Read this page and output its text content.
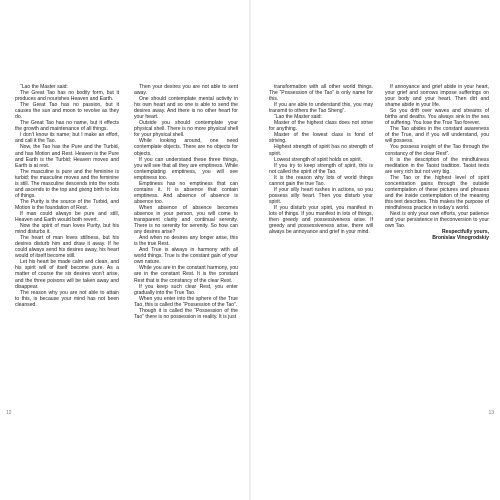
“Lao the Master said:

The Great Tao has no bodily form, but it produces and nourishes Heaven and Earth.

The Great Tao has no passion, but it causes the sun and moon to revolve as they do.

The Great Tao has no name, but it effects the growth and maintenance of all things.

I don’t know its name; but I make an effort, and call it the Tao.

Now, the Tao has the Pure and the Turbid, and has Motion and Rest. Heaven is the Pure and Earth is the Turbid; Heaven moves and Earth is at rest.

The masculine is pure and the feminine is turbid; the masculine moves and the feminine is still. The masculine descends into the roots and ascends to the top and giving birth to lots of things.

The Purity is the source of the Turbid, and Motion is the foundation of Rest.

If man could always be pure and still, Heaven and Earth would both revert.

Now the spirit of man loves Purity, but his mind disturbs it.

The heart of man loves stillness, but his desires disturb him and draw it away. If he could always send his desires away, his heart would of itself become still.

Let his heart be made calm and clean, and his spirit will of itself become pure. As a matter of course the six desires won’t arise, and the three poisons will be taken away and disappear.

The reason why you are not able to attain to this, is because your mind has not been cleansed.

Then your desires you are not able to sent away.

One should contemplate mental activity in his own heart and so one is able to send the desires away. And there is no other heart for your heart.

Outside you should contemplate your physical shell. There is no more physical shell for your physical shell.

While looking around, one need contemplate objects. There are no objects for objects.

If you can understand these three things, you will see that all they are emptiness. While contemplating emptiness, you will see emptiness too.

Emptiness has no emptiness that can contains it. It is absence that contain emptiness. And absence of absence is absence too.

When absence of absence becomes absence in your person, you will come to transparent clarity and continual serenity. There is no serenity for serenity. So how can any desires arise?

And when no desires any longer arise, this is the true Rest.

And True is always in harmony with all world things. True is the constant gain of your own nature.

While you are in the constant harmony, you are in the constant Rest. It is the constant Rest that is the constancy of the clear Rest.

If you keep such clear Rest, you enter gradually into the True Tao.

When you enter into the sphere of the True Tao, this is called the “Possession of the Tao”.

Though it is called the “Possession of the Tao” there is no possession in reality. It is just

12	13

transformation with all other world things. The “Possession of the Tao” is only name for this.

If you are able to understand this, you may transmit to others the Tao Sheng”.

“Lao the Master said:

Master of the highest class does not strive for anything.

Master of the lowest class is fond of striving.

Highest strength of spirit has no strength of spirit.

Lowest strength of spirit holds on spirit.

If you try to keep strength of spirit, this is not called the spirit of the Tao.

It is the reason why lots of world things cannot gain the true Tao.

If your silly heart rushes in actions, so you possess silly heart. Then you disturb your spirit.

If you disturb your spirit, you manifest in lots of things. If you manifest in lots of things, then greedy and possessiveness arise. If greedy and possessiveness arise, there will always be annoyance and grief in your mind.

If annoyance and grief abide in your heart, your grief and sorrows impose sufferings on your body and your heart. Then dirt and shame abide in your life.

So you drift over waves and streams of births and deaths. You always sink in the sea of suffering. You lose the True Tao forever.

The Tao abides in the constant awareness of the True, and if you will understand, you will possess.

You possess insight of the Tao through the constancy of the clear Rest”.

It is the description of the mindfulness meditation in the Taoist tradition. Taoist texts are very rich but not very big.

The Tao or the highest level of spirit concentration gains through the outside contemplation of these pictures and phrases and the inside contemplation of the meaning this text describes. This makes the purpose of mindfulness practice in today’s world.

Next is only your own efforts, your patience and your persistence in theconversion to your own Tao.

Respectfully yours,
Bronislav Vinogrodskiy
